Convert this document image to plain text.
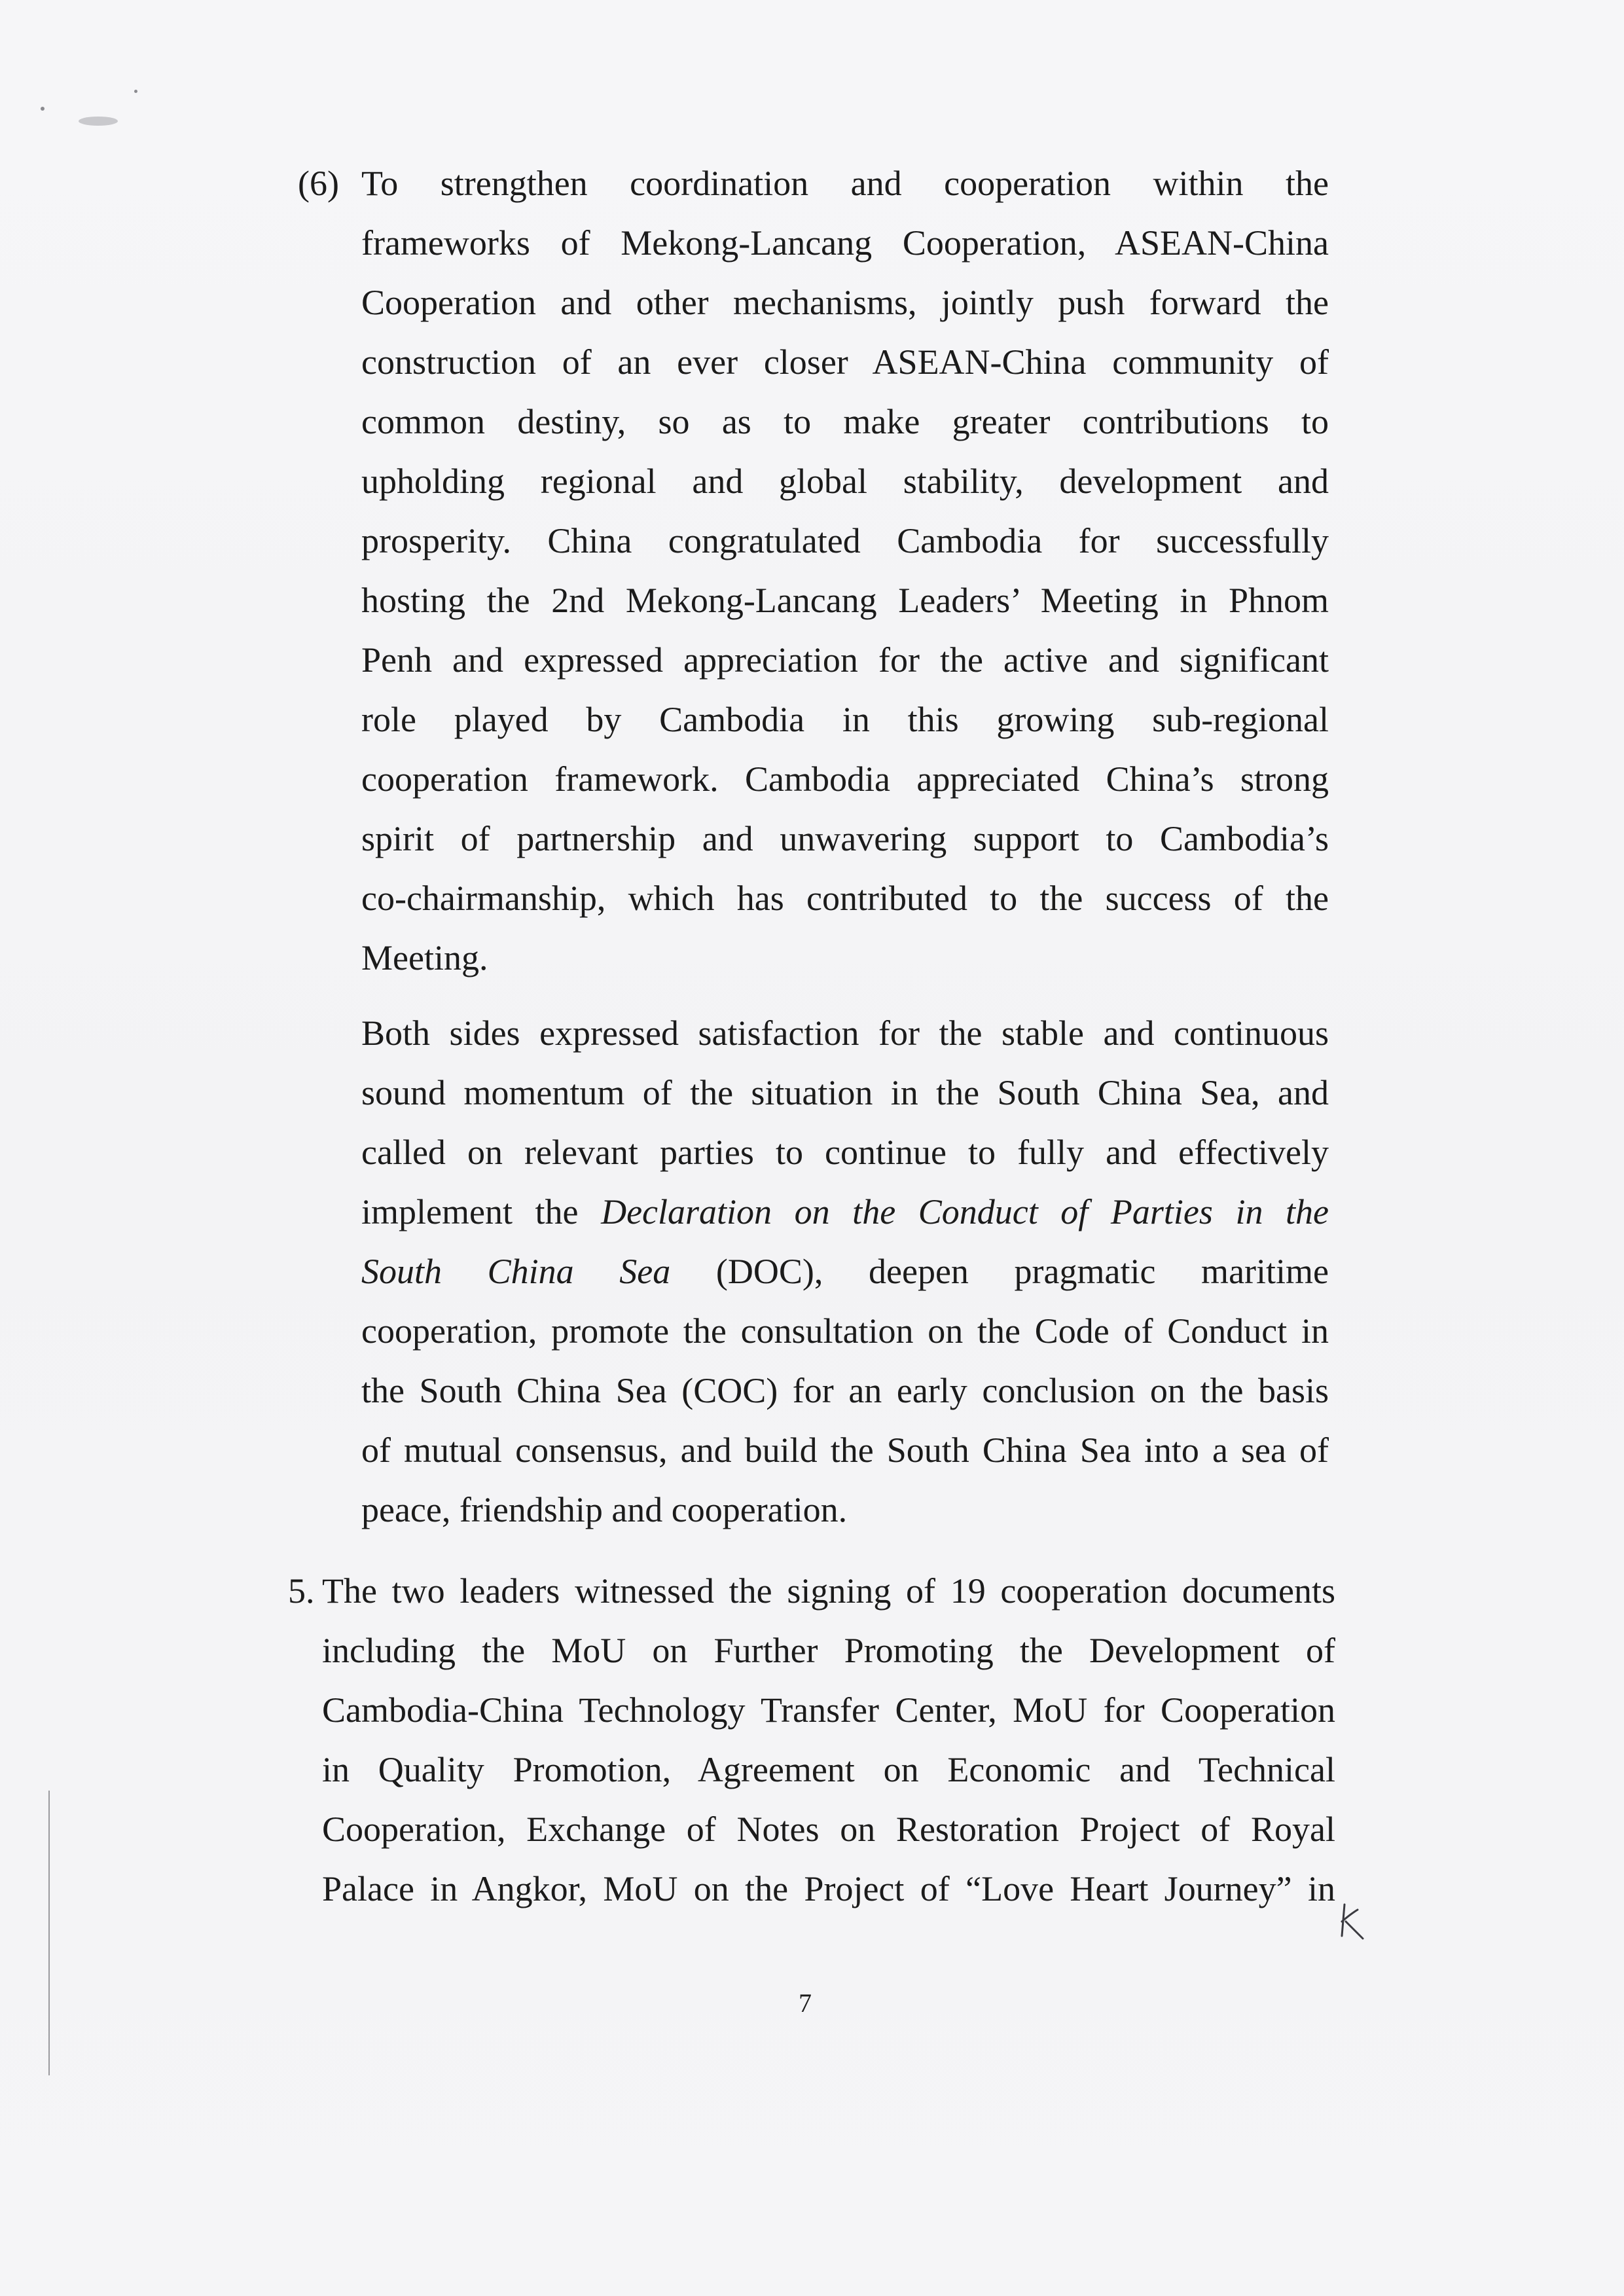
(6) To strengthen coordination and cooperation within the
frameworks of Mekong-Lancang Cooperation, ASEAN-China
Cooperation and other mechanisms, jointly push forward the
construction of an ever closer ASEAN-China community of
common destiny, so as to make greater contributions to
upholding regional and global stability, development and
prosperity. China congratulated Cambodia for successfully
hosting the 2nd Mekong-Lancang Leaders’ Meeting in Phnom
Penh and expressed appreciation for the active and significant
role played by Cambodia in this growing sub-regional
cooperation framework. Cambodia appreciated China’s strong
spirit of partnership and unwavering support to Cambodia’s
co-chairmanship, which has contributed to the success of the
Meeting.
Both sides expressed satisfaction for the stable and continuous
sound momentum of the situation in the South China Sea, and
called on relevant parties to continue to fully and effectively
implement the Declaration on the Conduct of Parties in the
South China Sea (DOC), deepen pragmatic maritime
cooperation, promote the consultation on the Code of Conduct in
the South China Sea (COC) for an early conclusion on the basis
of mutual consensus, and build the South China Sea into a sea of
peace, friendship and cooperation.
5. The two leaders witnessed the signing of 19 cooperation documents
including the MoU on Further Promoting the Development of
Cambodia-China Technology Transfer Center, MoU for Cooperation
in Quality Promotion, Agreement on Economic and Technical
Cooperation, Exchange of Notes on Restoration Project of Royal
Palace in Angkor, MoU on the Project of “Love Heart Journey” in
7
